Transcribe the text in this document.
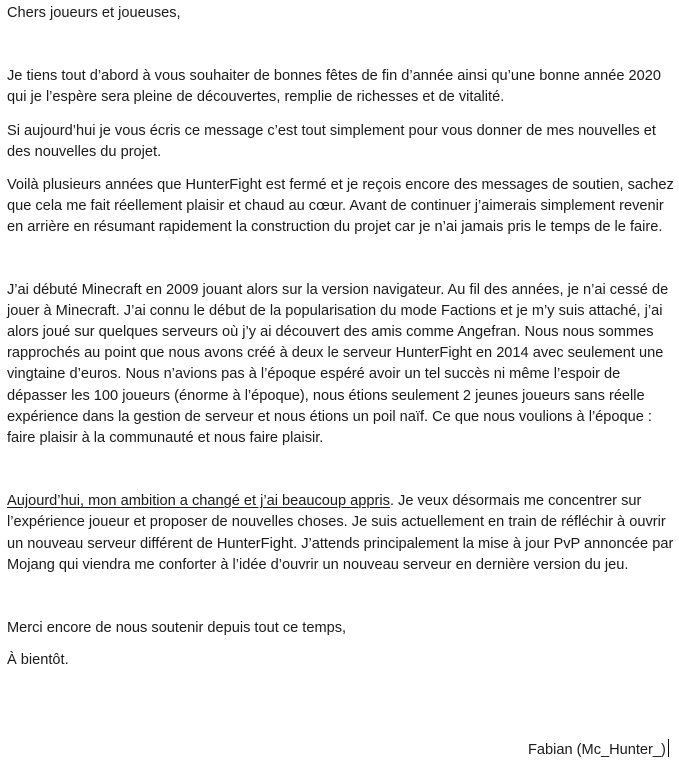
Chers joueurs et joueuses,

Je tiens tout d’abord à vous souhaiter de bonnes fêtes de fin d’année ainsi qu’une bonne année 2020 qui je l’espère sera pleine de découvertes, remplie de richesses et de vitalité.

Si aujourd’hui je vous écris ce message c’est tout simplement pour vous donner de mes nouvelles et des nouvelles du projet.

Voilà plusieurs années que HunterFight est fermé et je reçois encore des messages de soutien, sachez que cela me fait réellement plaisir et chaud au cœur. Avant de continuer j’aimerais simplement revenir en arrière en résumant rapidement la construction du projet car je n’ai jamais pris le temps de le faire.

J’ai débuté Minecraft en 2009 jouant alors sur la version navigateur. Au fil des années, je n’ai cessé de jouer à Minecraft. J’ai connu le début de la popularisation du mode Factions et je m’y suis attaché, j’ai alors joué sur quelques serveurs où j’y ai découvert des amis comme Angefran. Nous nous sommes rapprochés au point que nous avons créé à deux le serveur HunterFight en 2014 avec seulement une vingtaine d’euros. Nous n’avions pas à l’époque espéré avoir un tel succès ni même l’espoir de dépasser les 100 joueurs (énorme à l’époque), nous étions seulement 2 jeunes joueurs sans réelle expérience dans la gestion de serveur et nous étions un poil naïf. Ce que nous voulions à l’époque : faire plaisir à la communauté et nous faire plaisir.

Aujourd’hui, mon ambition a changé et j’ai beaucoup appris. Je veux désormais me concentrer sur l’expérience joueur et proposer de nouvelles choses. Je suis actuellement en train de réfléchir à ouvrir un nouveau serveur différent de HunterFight. J’attends principalement la mise à jour PvP annoncée par Mojang qui viendra me conforter à l’idée d’ouvrir un nouveau serveur en dernière version du jeu.

Merci encore de nous soutenir depuis tout ce temps,

À bientôt.

Fabian (Mc_Hunter_)
